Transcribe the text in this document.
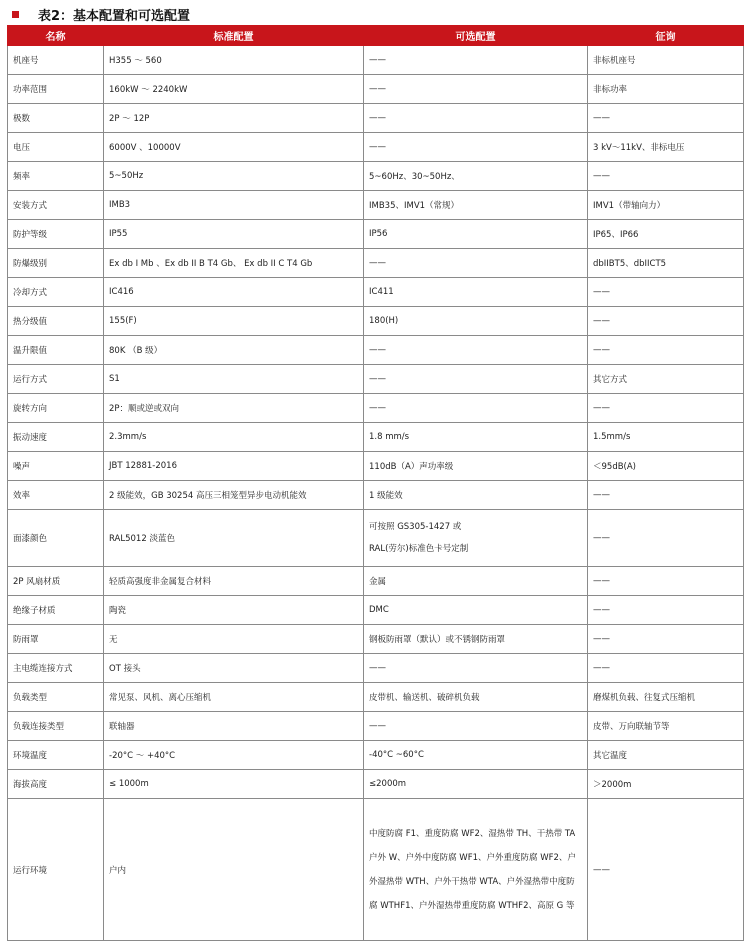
表2：基本配置和可选配置
名称	标准配置	可选配置	征询
机座号	H355 ～ 560	——	非标机座号
功率范围	160kW ～ 2240kW	——	非标功率
极数	2P ～ 12P	——	——
电压	6000V 、10000V	——	3 kV～11kV、非标电压
频率	5~50Hz	5~60Hz、30~50Hz、	——
安装方式	IMB3	IMB35、IMV1（常规）	IMV1（带轴向力）
防护等级	IP55	IP56	IP65、IP66
防爆级别	Ex db I Mb 、Ex db II B T4 Gb、 Ex db II C T4 Gb	——	dbIIBT5、dbIICT5
冷却方式	IC416	IC411	——
热分级值	155(F)	180(H)	——
温升限值	80K （B 级）	——	——
运行方式	S1	——	其它方式
旋转方向	2P：顺或逆或双向	——	——
振动速度	2.3mm/s	1.8 mm/s	1.5mm/s
噪声	JBT 12881-2016	110dB（A）声功率级	＜95dB(A)
效率	2 级能效，GB 30254 高压三相笼型异步电动机能效	1 级能效	——
面漆颜色	RAL5012 淡蓝色	可按照 GS305-1427 或
RAL(劳尔)标准色卡号定制	——
2P 风扇材质	轻质高强度非金属复合材料	金属	——
绝缘子材质	陶瓷	DMC	——
防雨罩	无	钢板防雨罩（默认）或不锈钢防雨罩	——
主电缆连接方式	OT 接头	——	——
负载类型	常见泵、风机、离心压缩机	皮带机、输送机、破碎机负载	磨煤机负载、往复式压缩机
负载连接类型	联轴器	——	皮带、万向联轴节等
环境温度	-20°C ～ +40°C	-40°C ~60°C	其它温度
海拔高度	≤ 1000m	≤2000m	＞2000m
运行环境	户内	中度防腐 F1、重度防腐 WF2、湿热带 TH、干热带 TA 户外 W、户外中度防腐 WF1、户外重度防腐 WF2、户外湿热带 WTH、户外干热带 WTA、户外湿热带中度防腐 WTHF1、户外湿热带重度防腐 WTHF2、高原 G 等	——
